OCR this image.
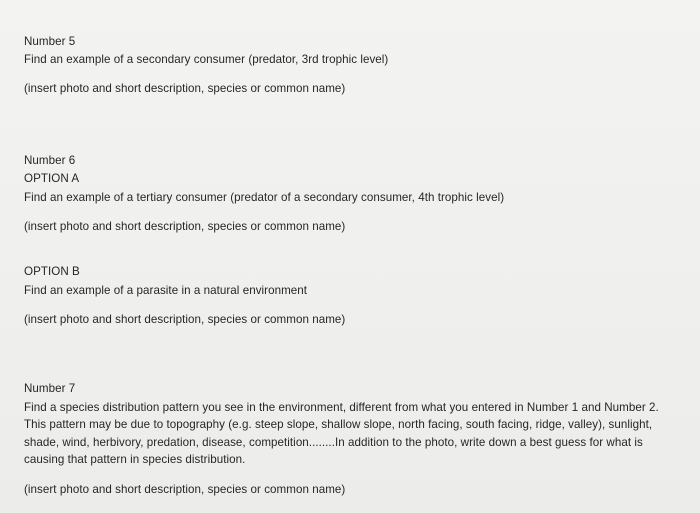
Number 5
Find an example of a secondary consumer (predator, 3rd trophic level)
(insert photo and short description, species or common name)
Number 6
OPTION A
Find an example of a tertiary consumer (predator of a secondary consumer, 4th trophic level)
(insert photo and short description, species or common name)
OPTION B
Find an example of a parasite in a natural environment
(insert photo and short description, species or common name)
Number 7
Find a species distribution pattern you see in the environment, different from what you entered in Number 1 and Number 2. This pattern may be due to topography (e.g. steep slope, shallow slope, north facing, south facing, ridge, valley), sunlight, shade, wind, herbivory, predation, disease, competition........In addition to the photo, write down a best guess for what is causing that pattern in species distribution.
(insert photo and short description, species or common name)
